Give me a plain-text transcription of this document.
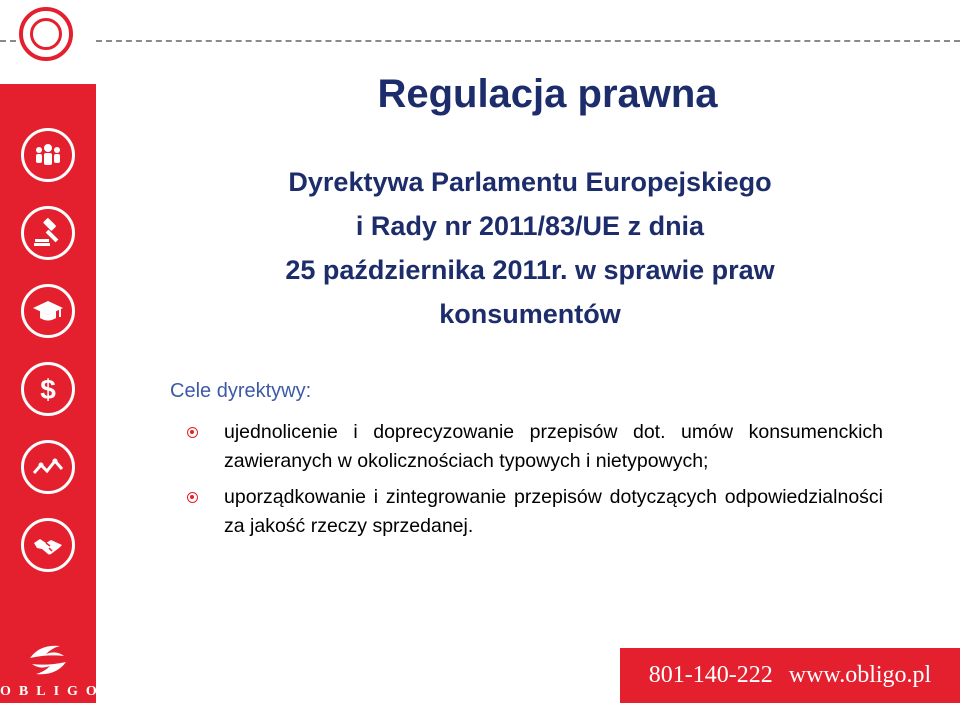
$
OBLIGO
Regulacja prawna
Dyrektywa Parlamentu Europejskiego
i Rady nr 2011/83/UE z dnia
25 października 2011r. w sprawie praw
konsumentów
Cele dyrektywy:
ujednolicenie i doprecyzowanie przepisów dot. umów konsumenckich zawieranych w okolicznościach typowych i nietypowych;
uporządkowanie i zintegrowanie przepisów dotyczących odpowiedzialności za jakość rzeczy sprzedanej.
801-140-222 www.obligo.pl
